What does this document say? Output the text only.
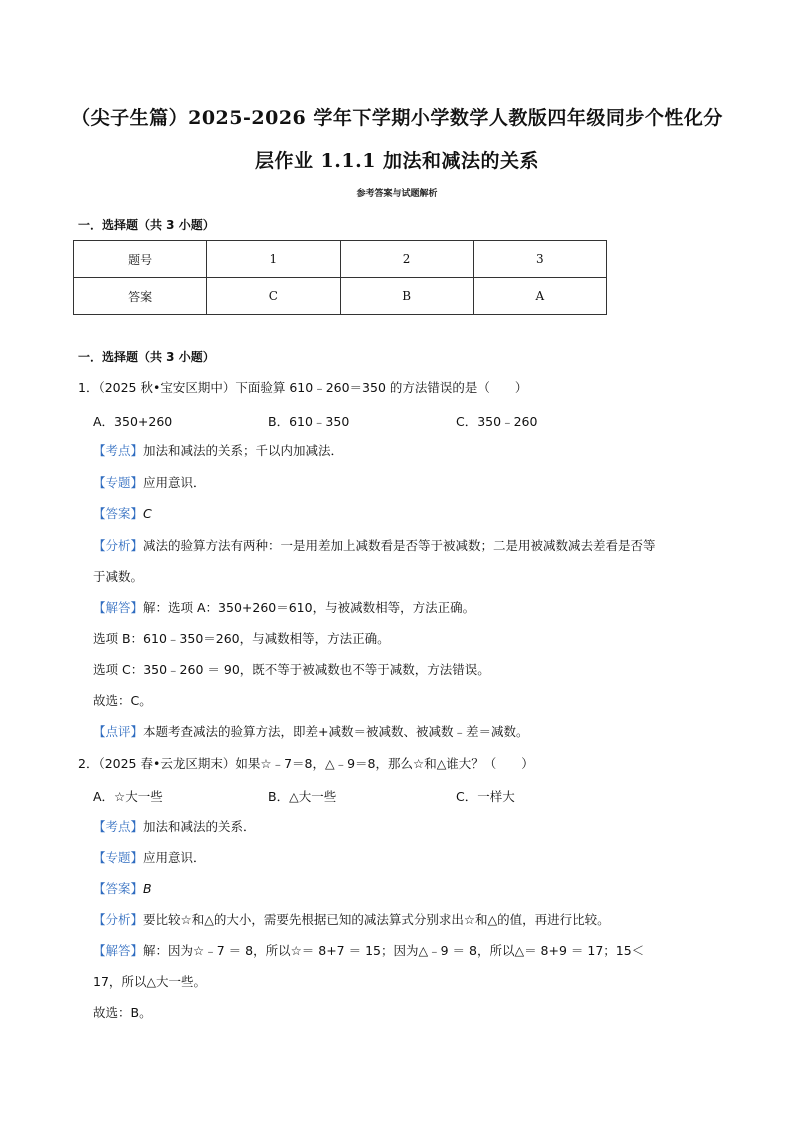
（尖子生篇）2025-2026 学年下学期小学数学人教版四年级同步个性化分
层作业 1.1.1 加法和减法的关系
参考答案与试题解析
一．选择题（共 3 小题）
题号	1	2	3
答案	C	B	A
一．选择题（共 3 小题）
1．（2025 秋•宝安区期中）下面验算 610﹣260＝350 的方法错误的是（　　）
A．350+260	B．610﹣350	C．350﹣260
【考点】加法和减法的关系；千以内加减法．
【专题】应用意识．
【答案】C
【分析】减法的验算方法有两种：一是用差加上减数看是否等于被减数；二是用被减数减去差看是否等
于减数。
【解答】解：选项 A：350+260＝610，与被减数相等，方法正确。
选项 B：610﹣350＝260，与减数相等，方法正确。
选项 C：350﹣260 ＝ 90，既不等于被减数也不等于减数，方法错误。
故选：C。
【点评】本题考查减法的验算方法，即差+减数＝被减数、被减数﹣差＝减数。
2．（2025 春•云龙区期末）如果☆﹣7＝8，△﹣9＝8，那么☆和△谁大？（　　）
A．☆大一些	B．△大一些	C．一样大
【考点】加法和减法的关系．
【专题】应用意识．
【答案】B
【分析】要比较☆和△的大小，需要先根据已知的减法算式分别求出☆和△的值，再进行比较。
【解答】解：因为☆﹣7 ＝ 8，所以☆＝ 8+7 ＝ 15；因为△﹣9 ＝ 8，所以△＝ 8+9 ＝ 17；15＜
17，所以△大一些。
故选：B。
